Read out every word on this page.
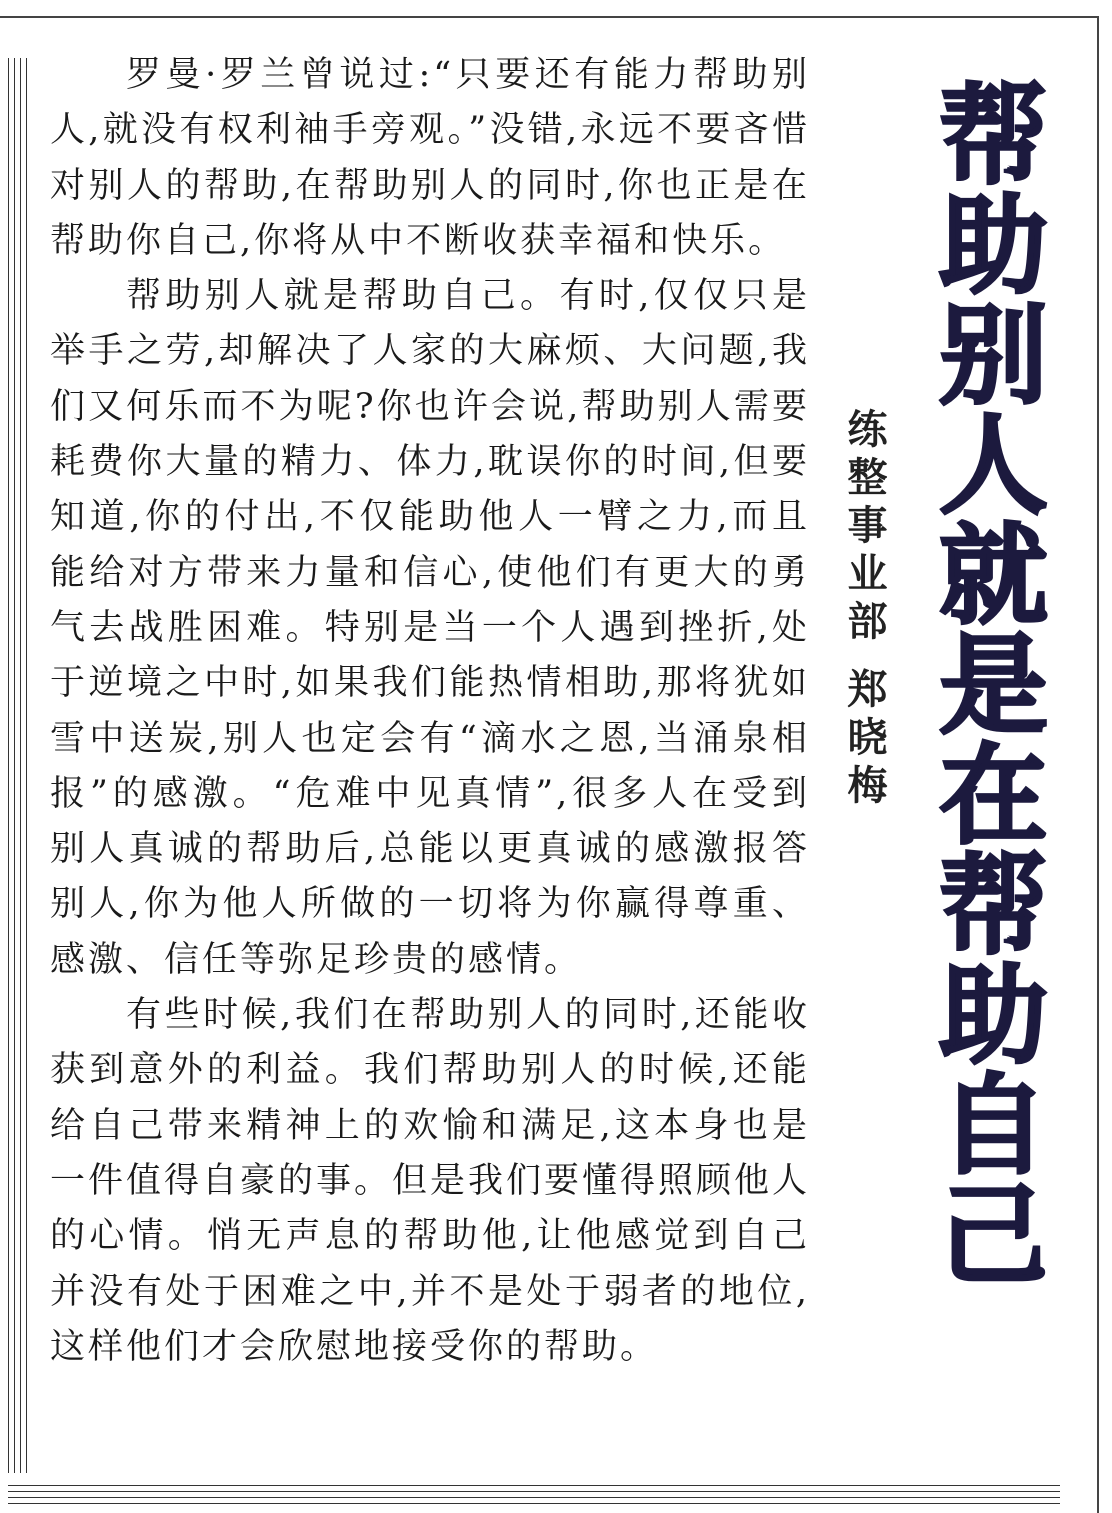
帮助别人就是在帮助自己
练整事业部郑晓梅

罗曼·罗兰曾说过:“只要还有能力帮助别人,就没有权利袖手旁观。”没错,永远不要吝惜对别人的帮助,在帮助别人的同时,你也正是在帮助你自己,你将从中不断收获幸福和快乐。

帮助别人就是帮助自己。有时,仅仅只是举手之劳,却解决了人家的大麻烦、大问题,我们又何乐而不为呢?你也许会说,帮助别人需要耗费你大量的精力、体力,耽误你的时间,但要知道,你的付出,不仅能助他人一臂之力,而且能给对方带来力量和信心,使他们有更大的勇气去战胜困难。特别是当一个人遇到挫折,处于逆境之中时,如果我们能热情相助,那将犹如雪中送炭,别人也定会有“滴水之恩,当涌泉相报”的感激。“危难中见真情”,很多人在受到别人真诚的帮助后,总能以更真诚的感激报答别人,你为他人所做的一切将为你赢得尊重、感激、信任等弥足珍贵的感情。

有些时候,我们在帮助别人的同时,还能收获到意外的利益。我们帮助别人的时候,还能给自己带来精神上的欢愉和满足,这本身也是一件值得自豪的事。但是我们要懂得照顾他人的心情。悄无声息的帮助他,让他感觉到自己并没有处于困难之中,并不是处于弱者的地位,这样他们才会欣慰地接受你的帮助。
